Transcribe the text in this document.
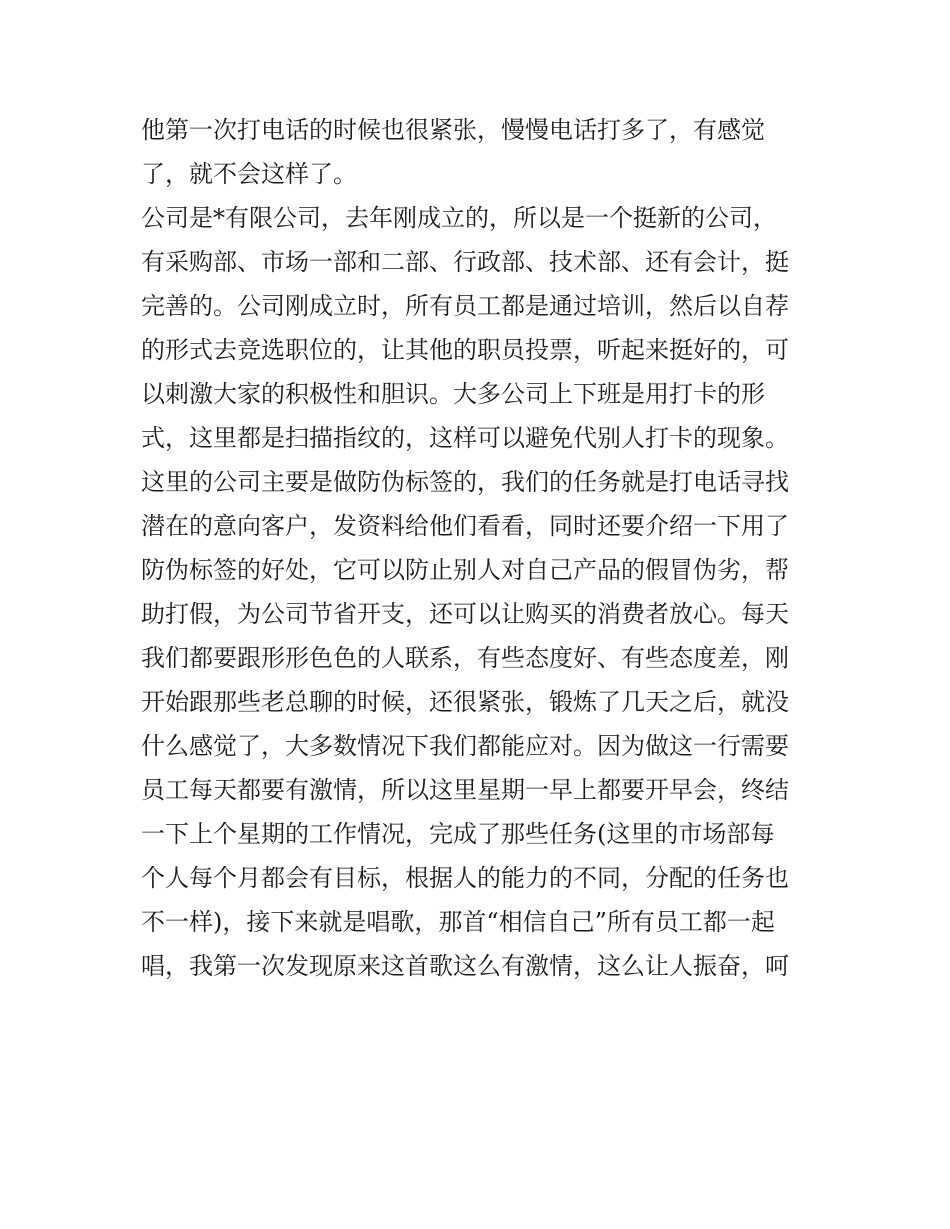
他第一次打电话的时候也很紧张，慢慢电话打多了，有感觉
了，就不会这样了。
公司是*有限公司，去年刚成立的，所以是一个挺新的公司，
有采购部、市场一部和二部、行政部、技术部、还有会计，挺
完善的。公司刚成立时，所有员工都是通过培训，然后以自荐
的形式去竞选职位的，让其他的职员投票，听起来挺好的，可
以刺激大家的积极性和胆识。大多公司上下班是用打卡的形
式，这里都是扫描指纹的，这样可以避免代别人打卡的现象。
这里的公司主要是做防伪标签的，我们的任务就是打电话寻找
潜在的意向客户，发资料给他们看看，同时还要介绍一下用了
防伪标签的好处，它可以防止别人对自己产品的假冒伪劣，帮
助打假，为公司节省开支，还可以让购买的消费者放心。每天
我们都要跟形形色色的人联系，有些态度好、有些态度差，刚
开始跟那些老总聊的时候，还很紧张，锻炼了几天之后，就没
什么感觉了，大多数情况下我们都能应对。因为做这一行需要
员工每天都要有激情，所以这里星期一早上都要开早会，终结
一下上个星期的工作情况，完成了那些任务(这里的市场部每
个人每个月都会有目标，根据人的能力的不同，分配的任务也
不一样)，接下来就是唱歌，那首“相信自己”所有员工都一起
唱，我第一次发现原来这首歌这么有激情，这么让人振奋，呵
